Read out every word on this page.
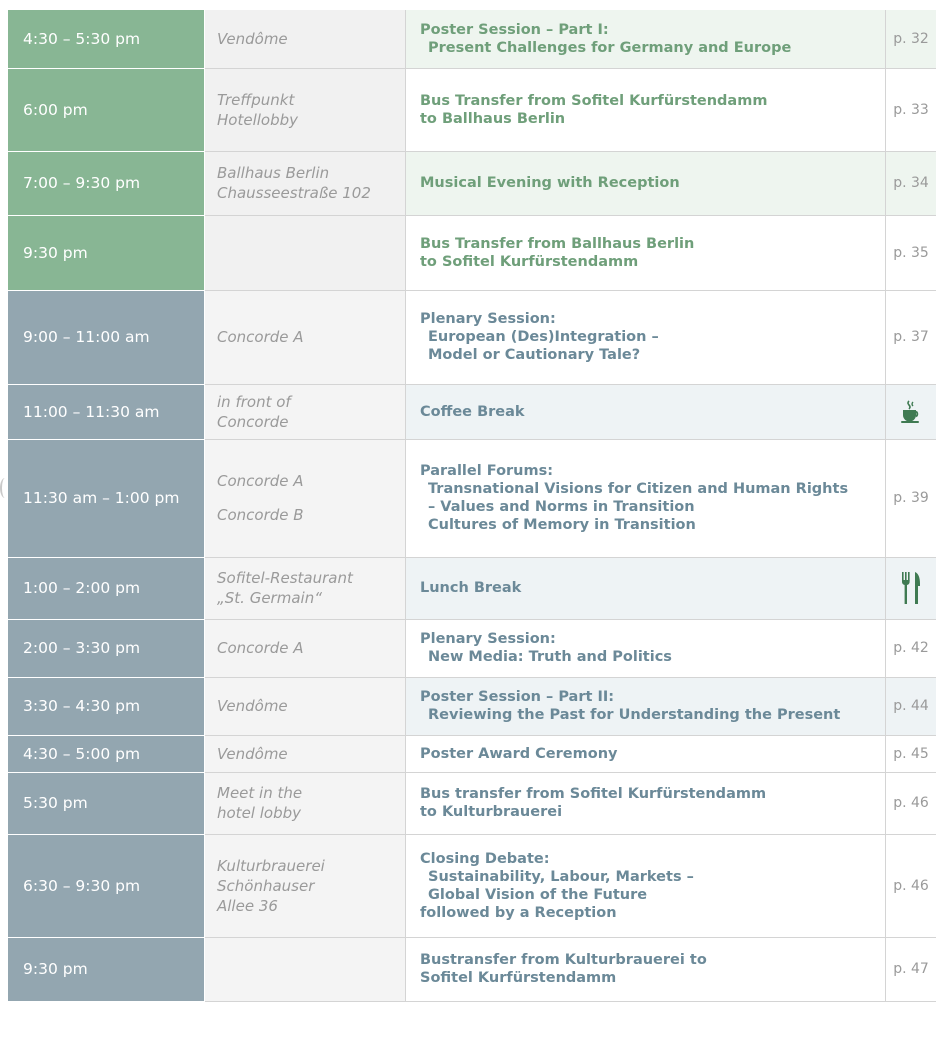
4:30 – 5:30 pm	Vendôme	Poster Session – Part I:
Present Challenges for Germany and Europe	p. 32
6:00 pm	Treffpunkt
Hotellobby	Bus Transfer from Sofitel Kurfürstendamm
to Ballhaus Berlin	p. 33
7:00 – 9:30 pm	Ballhaus Berlin
Chausseestraße 102	Musical Evening with Reception	p. 34
9:30 pm		Bus Transfer from Ballhaus Berlin
to Sofitel Kurfürstendamm	p. 35
9:00 – 11:00 am	Concorde A	Plenary Session:
European (Des)Integration –
Model or Cautionary Tale?	p. 37
11:00 – 11:30 am	in front of
Concorde	Coffee Break

11:30 am – 1:00 pm	Concorde A
Concorde B	Parallel Forums:
Transnational Visions for Citizen and Human Rights
– Values and Norms in Transition
Cultures of Memory in Transition	p. 39
1:00 – 2:00 pm	Sofitel-Restaurant
„St. Germain“	Lunch Break

2:00 – 3:30 pm	Concorde A	Plenary Session:
New Media: Truth and Politics	p. 42
3:30 – 4:30 pm	Vendôme	Poster Session – Part II:
Reviewing the Past for Understanding the Present	p. 44
4:30 – 5:00 pm	Vendôme	Poster Award Ceremony	p. 45
5:30 pm	Meet in the
hotel lobby	Bus transfer from Sofitel Kurfürstendamm
to Kulturbrauerei	p. 46
6:30 – 9:30 pm	Kulturbrauerei
Schönhauser
Allee 36	Closing Debate:
Sustainability, Labour, Markets –
Global Vision of the Future
followed by a Reception	p. 46
9:30 pm		Bustransfer from Kulturbrauerei to
Sofitel Kurfürstendamm	p. 47
